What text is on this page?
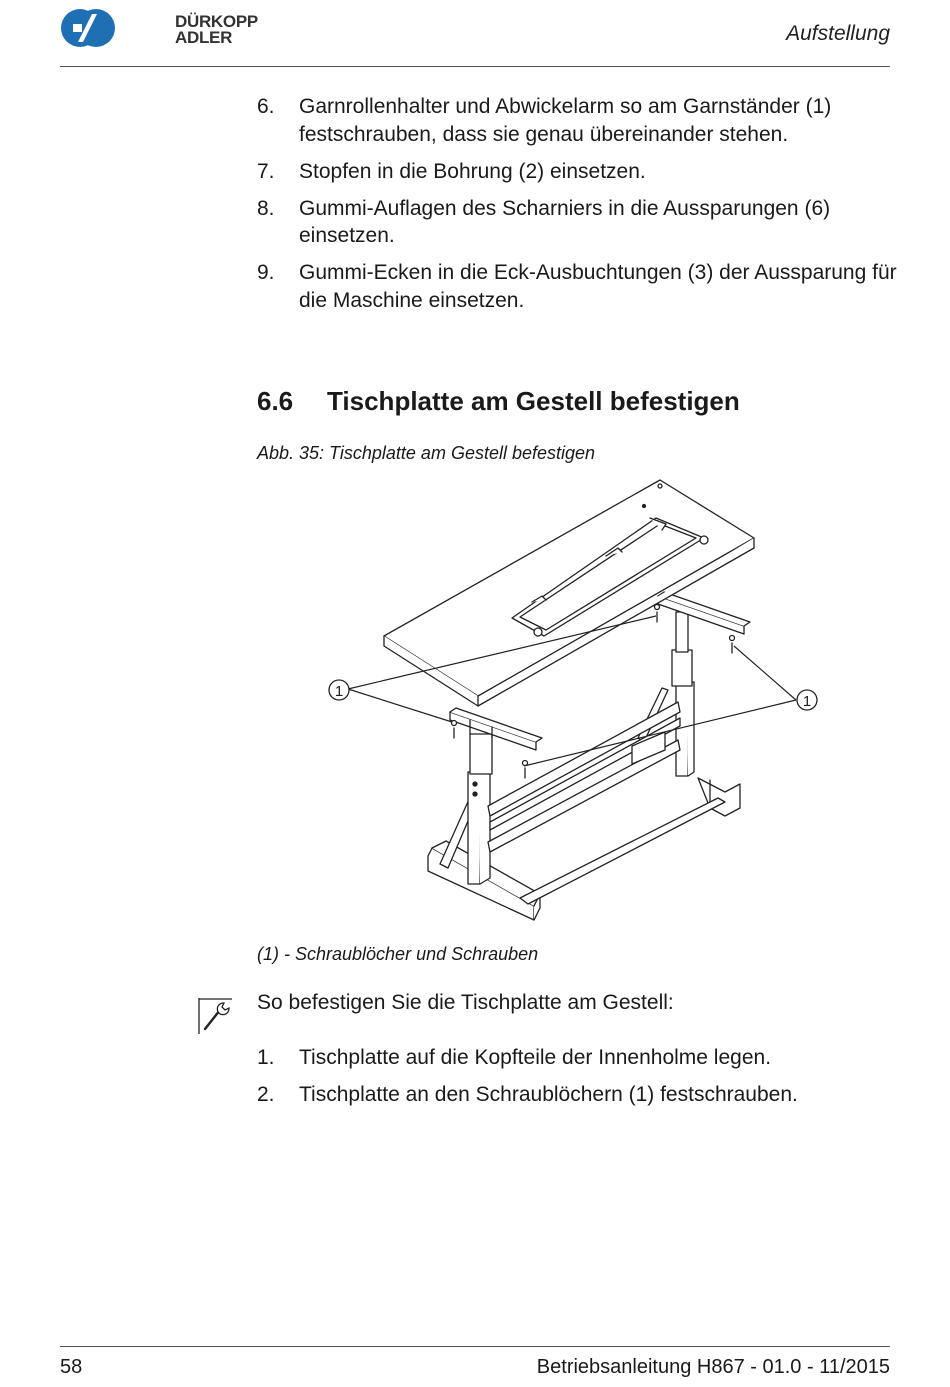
DÜRKOPP
ADLER	Aufstellung
6. Garnrollenhalter und Abwickelarm so am Garnständer (1) festschrauben, dass sie genau übereinander stehen.
7. Stopfen in die Bohrung (2) einsetzen.
8. Gummi-Auflagen des Scharniers in die Aussparungen (6) einsetzen.
9. Gummi-Ecken in die Eck-Ausbuchtungen (3) der Aussparung für die Maschine einsetzen.
6.6 Tischplatte am Gestell befestigen
Abb. 35: Tischplatte am Gestell befestigen
1
1
(1) - Schraublöcher und Schrauben
So befestigen Sie die Tischplatte am Gestell:
1. Tischplatte auf die Kopfteile der Innenholme legen.
2. Tischplatte an den Schraublöchern (1) festschrauben.
58	Betriebsanleitung H867 - 01.0 - 11/2015
